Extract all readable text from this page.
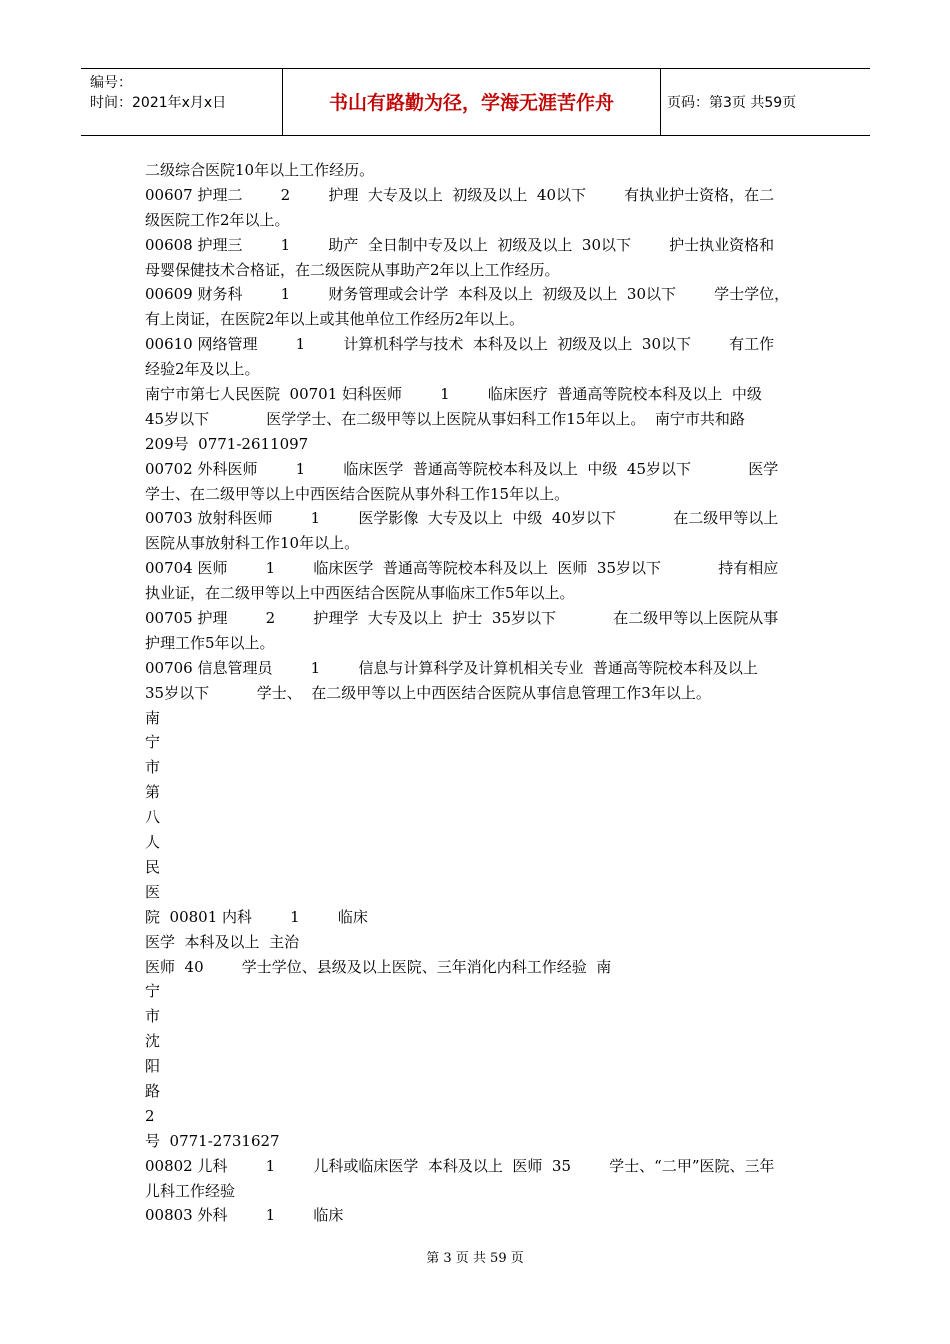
编号：
时间：2021年x月x日	书山有路勤为径，学海无涯苦作舟	页码：第3页 共59页
二级综合医院10年以上工作经历。
00607 护理二        2        护理  大专及以上  初级及以上  40以下        有执业护士资格，在二
级医院工作2年以上。
00608 护理三        1        助产  全日制中专及以上  初级及以上  30以下        护士执业资格和
母婴保健技术合格证，在二级医院从事助产2年以上工作经历。
00609 财务科        1        财务管理或会计学  本科及以上  初级及以上  30以下        学士学位，
有上岗证，在医院2年以上或其他单位工作经历2年以上。
00610 网络管理        1        计算机科学与技术  本科及以上  初级及以上  30以下        有工作
经验2年及以上。
南宁市第七人民医院  00701 妇科医师        1        临床医疗  普通高等院校本科及以上  中级
45岁以下            医学学士、在二级甲等以上医院从事妇科工作15年以上。  南宁市共和路
209号  0771-2611097
00702 外科医师        1        临床医学  普通高等院校本科及以上  中级  45岁以下            医学
学士、在二级甲等以上中西医结合医院从事外科工作15年以上。
00703 放射科医师        1        医学影像  大专及以上  中级  40岁以下            在二级甲等以上
医院从事放射科工作10年以上。
00704 医师        1        临床医学  普通高等院校本科及以上  医师  35岁以下            持有相应
执业证，在二级甲等以上中西医结合医院从事临床工作5年以上。
00705 护理        2        护理学  大专及以上  护士  35岁以下            在二级甲等以上医院从事
护理工作5年以上。
00706 信息管理员        1        信息与计算科学及计算机相关专业  普通高等院校本科及以上
35岁以下          学士、  在二级甲等以上中西医结合医院从事信息管理工作3年以上。
南
宁
市
第
八
人
民
医
院  00801 内科        1        临床
医学  本科及以上  主治
医师  40        学士学位、县级及以上医院、三年消化内科工作经验  南
宁
市
沈
阳
路
2
号  0771-2731627
00802 儿科        1        儿科或临床医学  本科及以上  医师  35        学士、“二甲”医院、三年
儿科工作经验
00803 外科        1        临床
第 3 页 共 59 页
